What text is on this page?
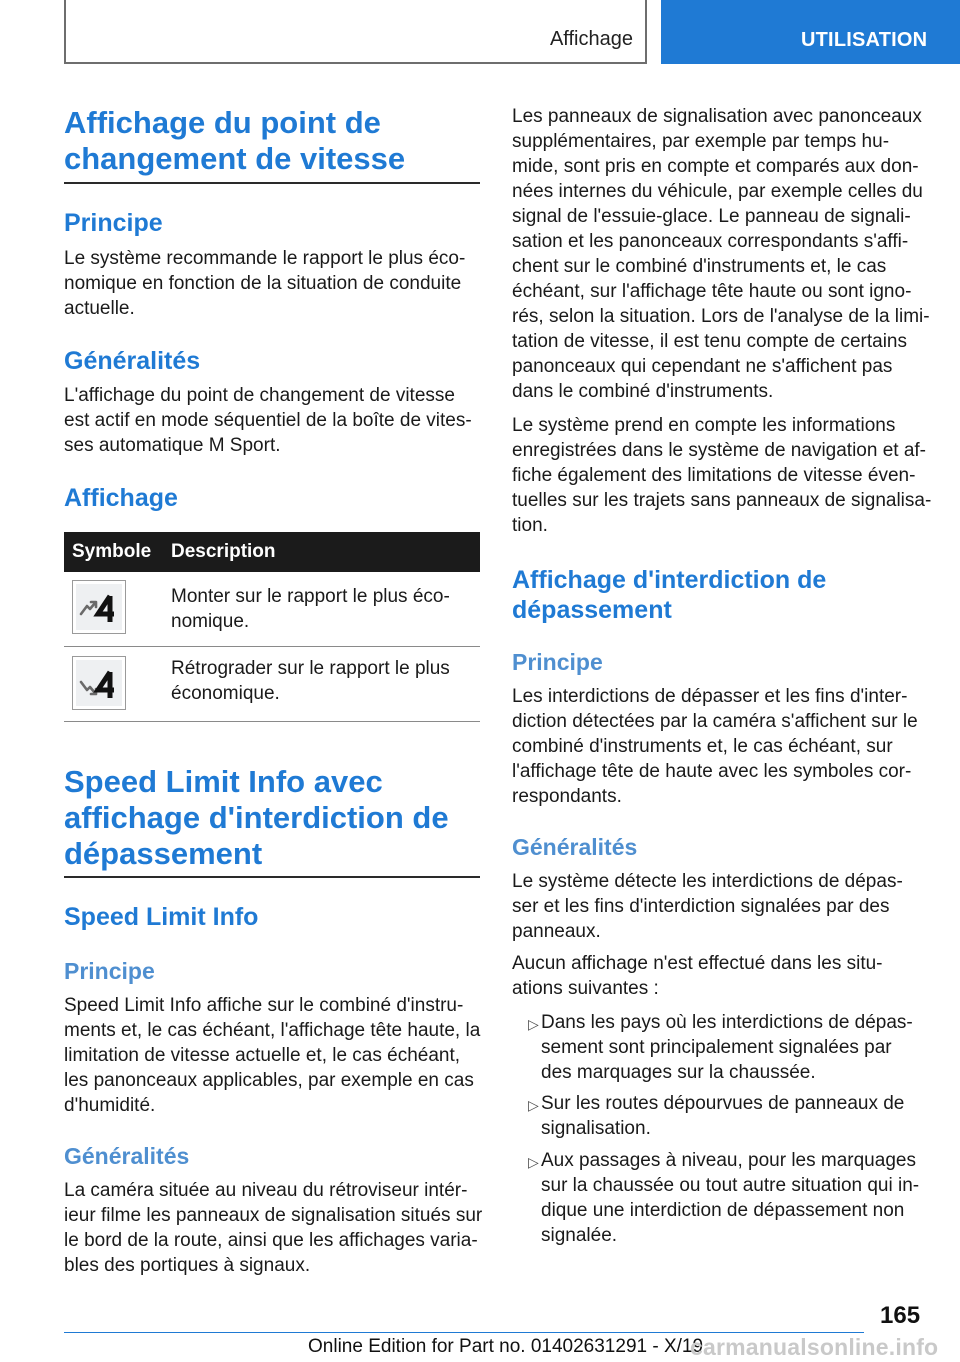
Affichage	UTILISATION
Affichage du point de
changement de vitesse
Principe

Le système recommande le rapport le plus éco-
nomique en fonction de la situation de conduite
actuelle.

Généralités

L'affichage du point de changement de vitesse
est actif en mode séquentiel de la boîte de vites-
ses automatique M Sport.

Affichage
Symbole Description

Monter sur le rapport le plus éco-
nomique.

Rétrograder sur le rapport le plus
économique.

Speed Limit Info avec
affichage d'interdiction de
dépassement
Speed Limit Info
Principe

Speed Limit Info affiche sur le combiné d'instru-
ments et, le cas échéant, l'affichage tête haute, la
limitation de vitesse actuelle et, le cas échéant,
les panonceaux applicables, par exemple en cas
d'humidité.

Généralités

La caméra située au niveau du rétroviseur intér-
ieur filme les panneaux de signalisation situés sur
le bord de la route, ainsi que les affichages varia-
bles des portiques à signaux.

Les panneaux de signalisation avec panonceaux
supplémentaires, par exemple par temps hu-
mide, sont pris en compte et comparés aux don-
nées internes du véhicule, par exemple celles du
signal de l'essuie-glace. Le panneau de signali-
sation et les panonceaux correspondants s'affi-
chent sur le combiné d'instruments et, le cas
échéant, sur l'affichage tête haute ou sont igno-
rés, selon la situation. Lors de l'analyse de la limi-
tation de vitesse, il est tenu compte de certains
panonceaux qui cependant ne s'affichent pas
dans le combiné d'instruments.

Le système prend en compte les informations
enregistrées dans le système de navigation et af-
fiche également des limitations de vitesse éven-
tuelles sur les trajets sans panneaux de signalisa-
tion.

Affichage d'interdiction de
dépassement
Principe

Les interdictions de dépasser et les fins d'inter-
diction détectées par la caméra s'affichent sur le
combiné d'instruments et, le cas échéant, sur
l'affichage tête de haute avec les symboles cor-
respondants.

Généralités

Le système détecte les interdictions de dépas-
ser et les fins d'interdiction signalées par des
panneaux.

Aucun affichage n'est effectué dans les situ-
ations suivantes :

▷ Dans les pays où les interdictions de dépas-
sement sont principalement signalées par
des marquages sur la chaussée.

▷ Sur les routes dépourvues de panneaux de
signalisation.

▷ Aux passages à niveau, pour les marquages
sur la chaussée ou tout autre situation qui in-
dique une interdiction de dépassement non
signalée.

165
Online Edition for Part no. 01402631291 - X/19
carmanualsonline.info
